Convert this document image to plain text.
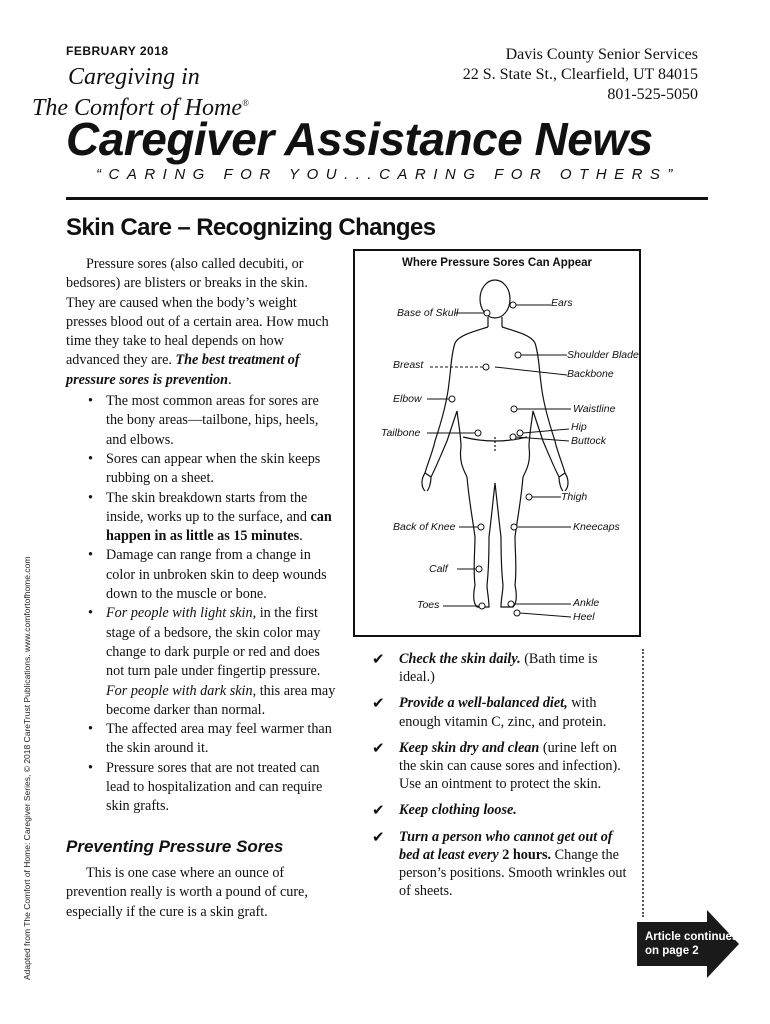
FEBRUARY 2018
Caregiving in
The Comfort of Home®
Davis County Senior Services
22 S. State St., Clearfield, UT 84015
801-525-5050
Caregiver Assistance News
“CARING FOR YOU...CARING FOR OTHERS”
Skin Care – Recognizing Changes

Pressure sores (also called decubiti, or bedsores) are blisters or breaks in the skin. They are caused when the body’s weight presses blood out of a certain area. How much time they take to heal depends on how advanced they are. The best treatment of pressure sores is prevention.

• The most common areas for sores are the bony areas—tailbone, hips, heels, and elbows.
• Sores can appear when the skin keeps rubbing on a sheet.
• The skin breakdown starts from the inside, works up to the surface, and can happen in as little as 15 minutes.
• Damage can range from a change in color in unbroken skin to deep wounds down to the muscle or bone.
• For people with light skin, in the first stage of a bedsore, the skin color may change to dark purple or red and does not turn pale under fingertip pressure. For people with dark skin, this area may become darker than normal.
• The affected area may feel warmer than the skin around it.
• Pressure sores that are not treated can lead to hospitalization and can require skin grafts.
Preventing Pressure Sores

This is one case where an ounce of prevention really is worth a pound of cure, especially if the cure is a skin graft.

Adapted from The Comfort of Home: Caregiver Series, © 2018 CareTrust Publications. www.comfortofhome.com
Where Pressure Sores Can Appear
Ears
Base of Skull
Shoulder Blade
Breast
Backbone
Elbow
Waistline
Hip
Tailbone
Buttock
Thigh
Back of Knee	Kneecaps
Calf
Toes	Ankle
Heel
✔ Check the skin daily. (Bath time is ideal.)
✔ Provide a well-balanced diet, with enough vitamin C, zinc, and protein.
✔ Keep skin dry and clean (urine left on the skin can cause sores and infection). Use an ointment to protect the skin.
✔ Keep clothing loose.
✔ Turn a person who cannot get out of bed at least every 2 hours. Change the person’s positions. Smooth wrinkles out of sheets.
Article continues
on page 2
